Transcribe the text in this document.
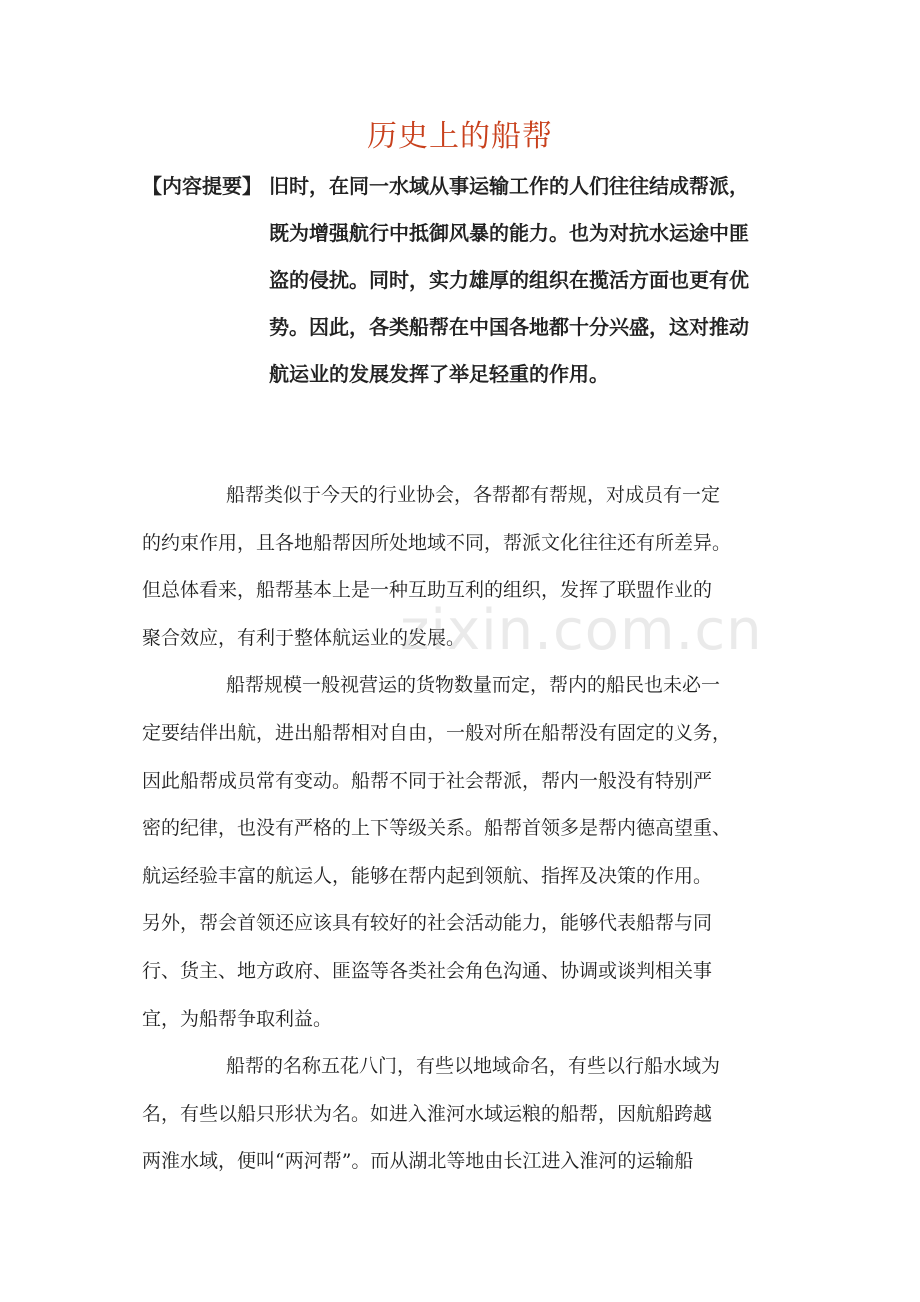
历史上的船帮
【内容提要】 旧时，在同一水域从事运输工作的人们往往结成帮派，
既为增强航行中抵御风暴的能力。也为对抗水运途中匪
盗的侵扰。同时，实力雄厚的组织在揽活方面也更有优
势。因此，各类船帮在中国各地都十分兴盛，这对推动
航运业的发展发挥了举足轻重的作用。
船帮类似于今天的行业协会，各帮都有帮规，对成员有一定
的约束作用，且各地船帮因所处地域不同，帮派文化往往还有所差异。
但总体看来，船帮基本上是一种互助互利的组织，发挥了联盟作业的
聚合效应，有利于整体航运业的发展。
船帮规模一般视营运的货物数量而定，帮内的船民也未必一
定要结伴出航，进出船帮相对自由，一般对所在船帮没有固定的义务，
因此船帮成员常有变动。船帮不同于社会帮派，帮内一般没有特别严
密的纪律，也没有严格的上下等级关系。船帮首领多是帮内德高望重、
航运经验丰富的航运人，能够在帮内起到领航、指挥及决策的作用。
另外，帮会首领还应该具有较好的社会活动能力，能够代表船帮与同
行、货主、地方政府、匪盗等各类社会角色沟通、协调或谈判相关事
宜，为船帮争取利益。
船帮的名称五花八门，有些以地域命名，有些以行船水域为
名，有些以船只形状为名。如进入淮河水域运粮的船帮，因航船跨越
两淮水域，便叫“两河帮”。而从湖北等地由长江进入淮河的运输船
zixin.com.cn
